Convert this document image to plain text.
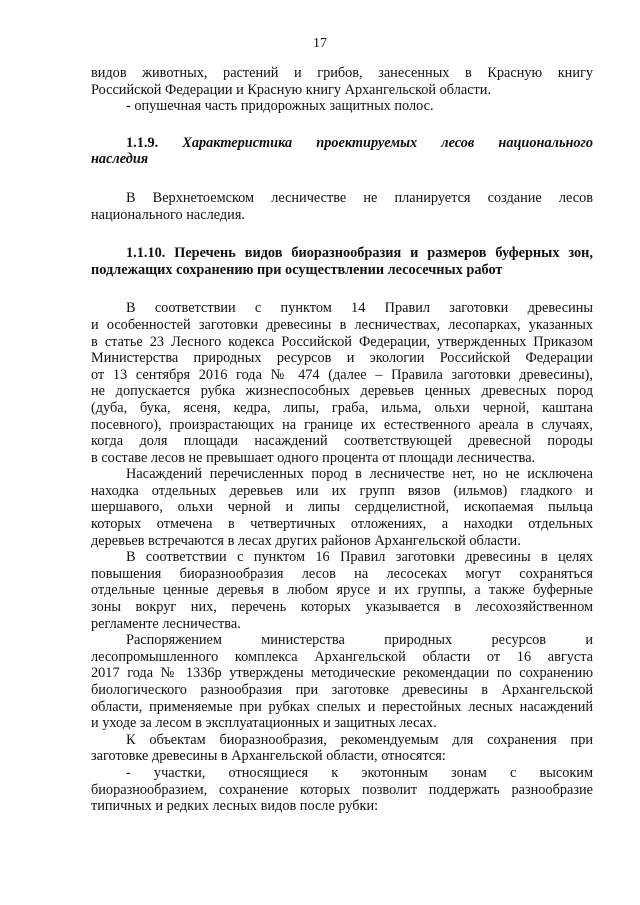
17

видов животных, растений и грибов, занесенных в Красную книгу

Российской Федерации и Красную книгу Архангельской области.

- опушечная часть придорожных защитных полос.

1.1.9. Характеристика проектируемых лесов национального

наследия

В Верхнетоемском лесничестве не планируется создание лесов

национального наследия.

1.1.10. Перечень видов биоразнообразия и размеров буферных зон,

подлежащих сохранению при осуществлении лесосечных работ

В соответствии с пунктом 14 Правил заготовки древесины

и особенностей заготовки древесины в лесничествах, лесопарках, указанных

в статье 23 Лесного кодекса Российской Федерации, утвержденных Приказом

Министерства природных ресурсов и экологии Российской Федерации

от 13 сентября 2016 года № 474 (далее – Правила заготовки древесины),

не допускается рубка жизнеспособных деревьев ценных древесных пород

(дуба, бука, ясеня, кедра, липы, граба, ильма, ольхи черной, каштана

посевного), произрастающих на границе их естественного ареала в случаях,

когда доля площади насаждений соответствующей древесной породы

в составе лесов не превышает одного процента от площади лесничества.

Насаждений перечисленных пород в лесничестве нет, но не исключена

находка отдельных деревьев или их групп вязов (ильмов) гладкого и

шершавого, ольхи черной и липы сердцелистной, ископаемая пыльца

которых отмечена в четвертичных отложениях, а находки отдельных

деревьев встречаются в лесах других районов Архангельской области.

В соответствии с пунктом 16 Правил заготовки древесины в целях

повышения биоразнообразия лесов на лесосеках могут сохраняться

отдельные ценные деревья в любом ярусе и их группы, а также буферные

зоны вокруг них, перечень которых указывается в лесохозяйственном

регламенте лесничества.

Распоряжением министерства природных ресурсов и

лесопромышленного комплекса Архангельской области от 16 августа

2017 года № 1336р утверждены методические рекомендации по сохранению

биологического разнообразия при заготовке древесины в Архангельской

области, применяемые при рубках спелых и перестойных лесных насаждений

и уходе за лесом в эксплуатационных и защитных лесах.

К объектам биоразнообразия, рекомендуемым для сохранения при

заготовке древесины в Архангельской области, относятся:

- участки, относящиеся к экотонным зонам с высоким

биоразнообразием, сохранение которых позволит поддержать разнообразие

типичных и редких лесных видов после рубки:
